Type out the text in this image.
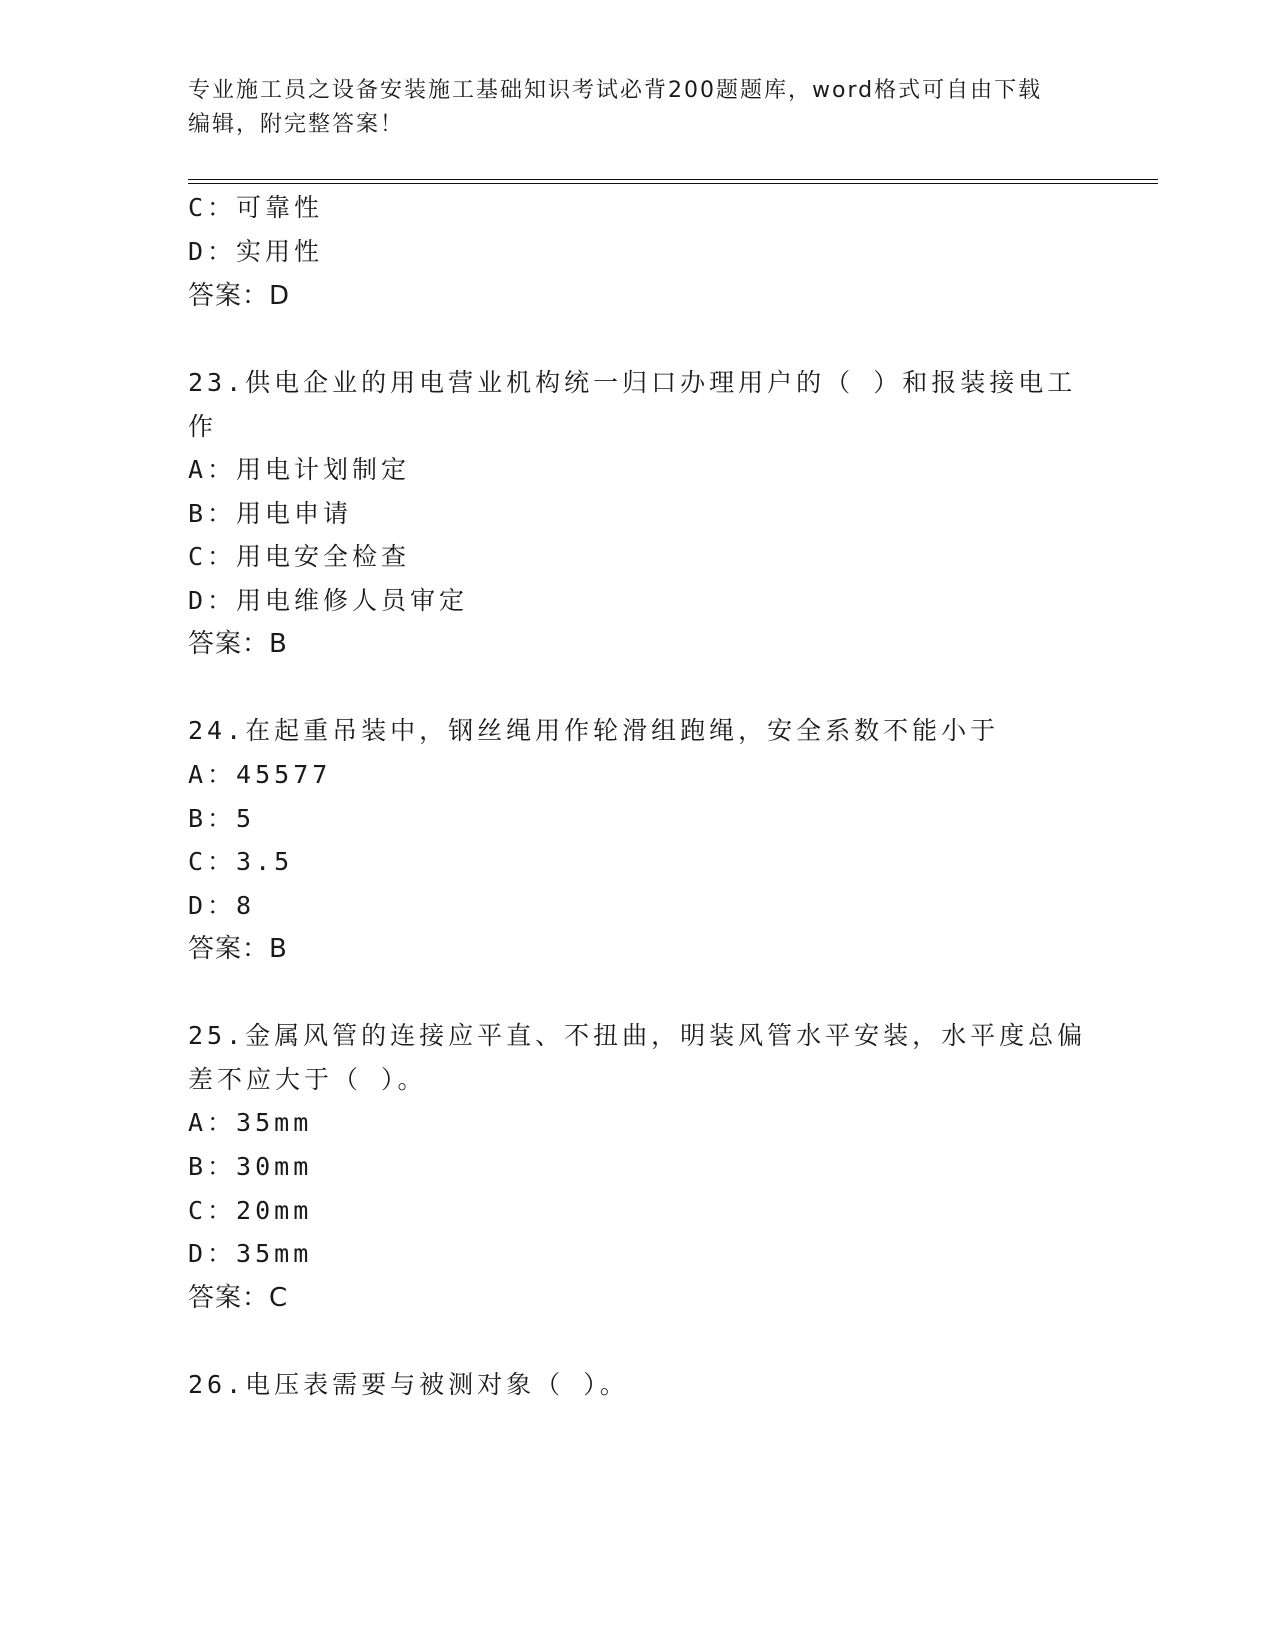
专业施工员之设备安装施工基础知识考试必背200题题库，word格式可自由下载
编辑，附完整答案！
C：可靠性
D：实用性
答案：D
23.供电企业的用电营业机构统一归口办理用户的（ ）和报装接电工
作
A：用电计划制定
B：用电申请
C：用电安全检查
D：用电维修人员审定
答案：B
24.在起重吊装中，钢丝绳用作轮滑组跑绳，安全系数不能小于
A：45577
B：5
C：3.5
D：8
答案：B
25.金属风管的连接应平直、不扭曲，明装风管水平安装，水平度总偏
差不应大于（ ）。
A：35mm
B：30mm
C：20mm
D：35mm
答案：C
26.电压表需要与被测对象（ ）。
